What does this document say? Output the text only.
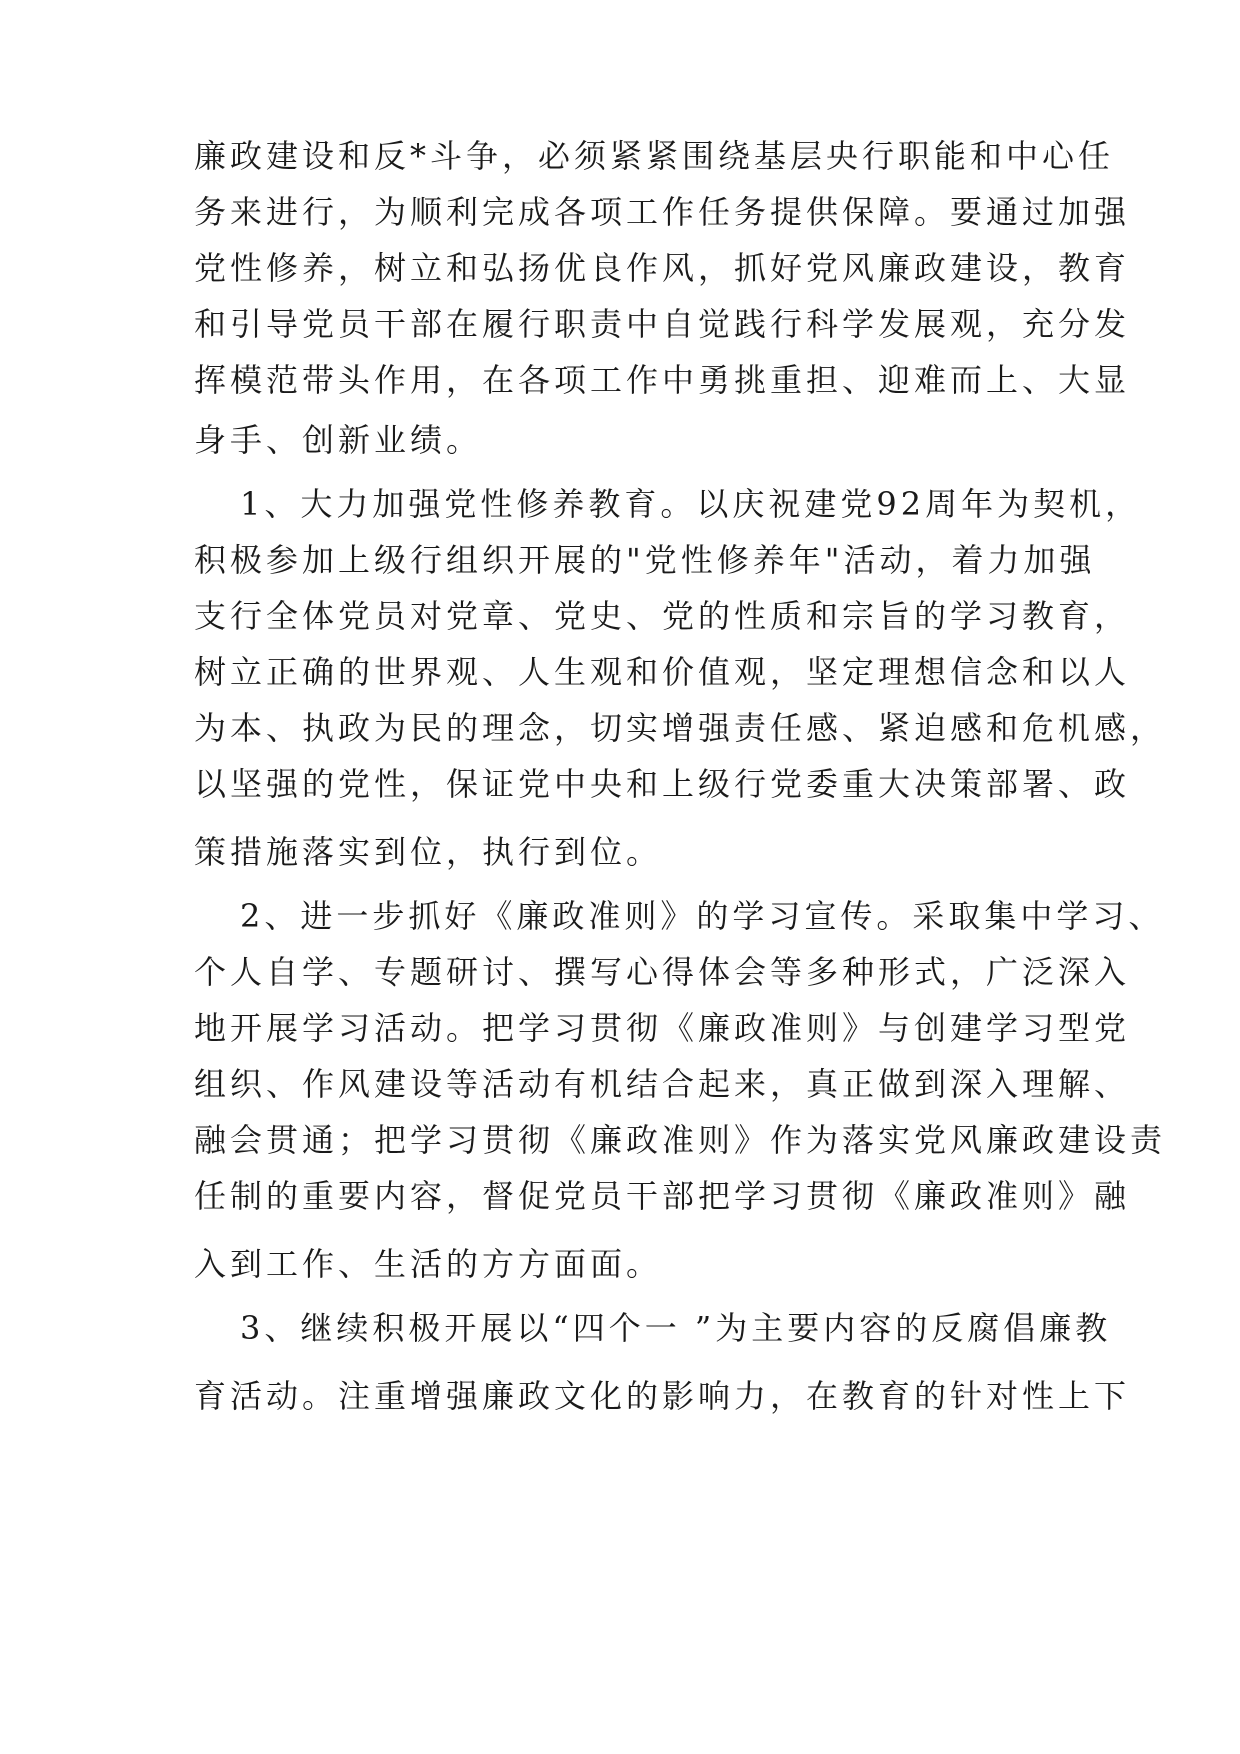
廉政建设和反*斗争，必须紧紧围绕基层央行职能和中心任
务来进行，为顺利完成各项工作任务提供保障。要通过加强
党性修养，树立和弘扬优良作风，抓好党风廉政建设，教育
和引导党员干部在履行职责中自觉践行科学发展观，充分发
挥模范带头作用，在各项工作中勇挑重担、迎难而上、大显
身手、创新业绩。
1、大力加强党性修养教育。以庆祝建党92周年为契机，
积极参加上级行组织开展的"党性修养年"活动，着力加强
支行全体党员对党章、党史、党的性质和宗旨的学习教育，
树立正确的世界观、人生观和价值观，坚定理想信念和以人
为本、执政为民的理念，切实增强责任感、紧迫感和危机感，
以坚强的党性，保证党中央和上级行党委重大决策部署、政
策措施落实到位，执行到位。
2、进一步抓好《廉政准则》的学习宣传。采取集中学习、
个人自学、专题研讨、撰写心得体会等多种形式，广泛深入
地开展学习活动。把学习贯彻《廉政准则》与创建学习型党
组织、作风建设等活动有机结合起来，真正做到深入理解、
融会贯通；把学习贯彻《廉政准则》作为落实党风廉政建设责
任制的重要内容，督促党员干部把学习贯彻《廉政准则》融
入到工作、生活的方方面面。
3、继续积极开展以“四个一 ”为主要内容的反腐倡廉教
育活动。注重增强廉政文化的影响力，在教育的针对性上下
